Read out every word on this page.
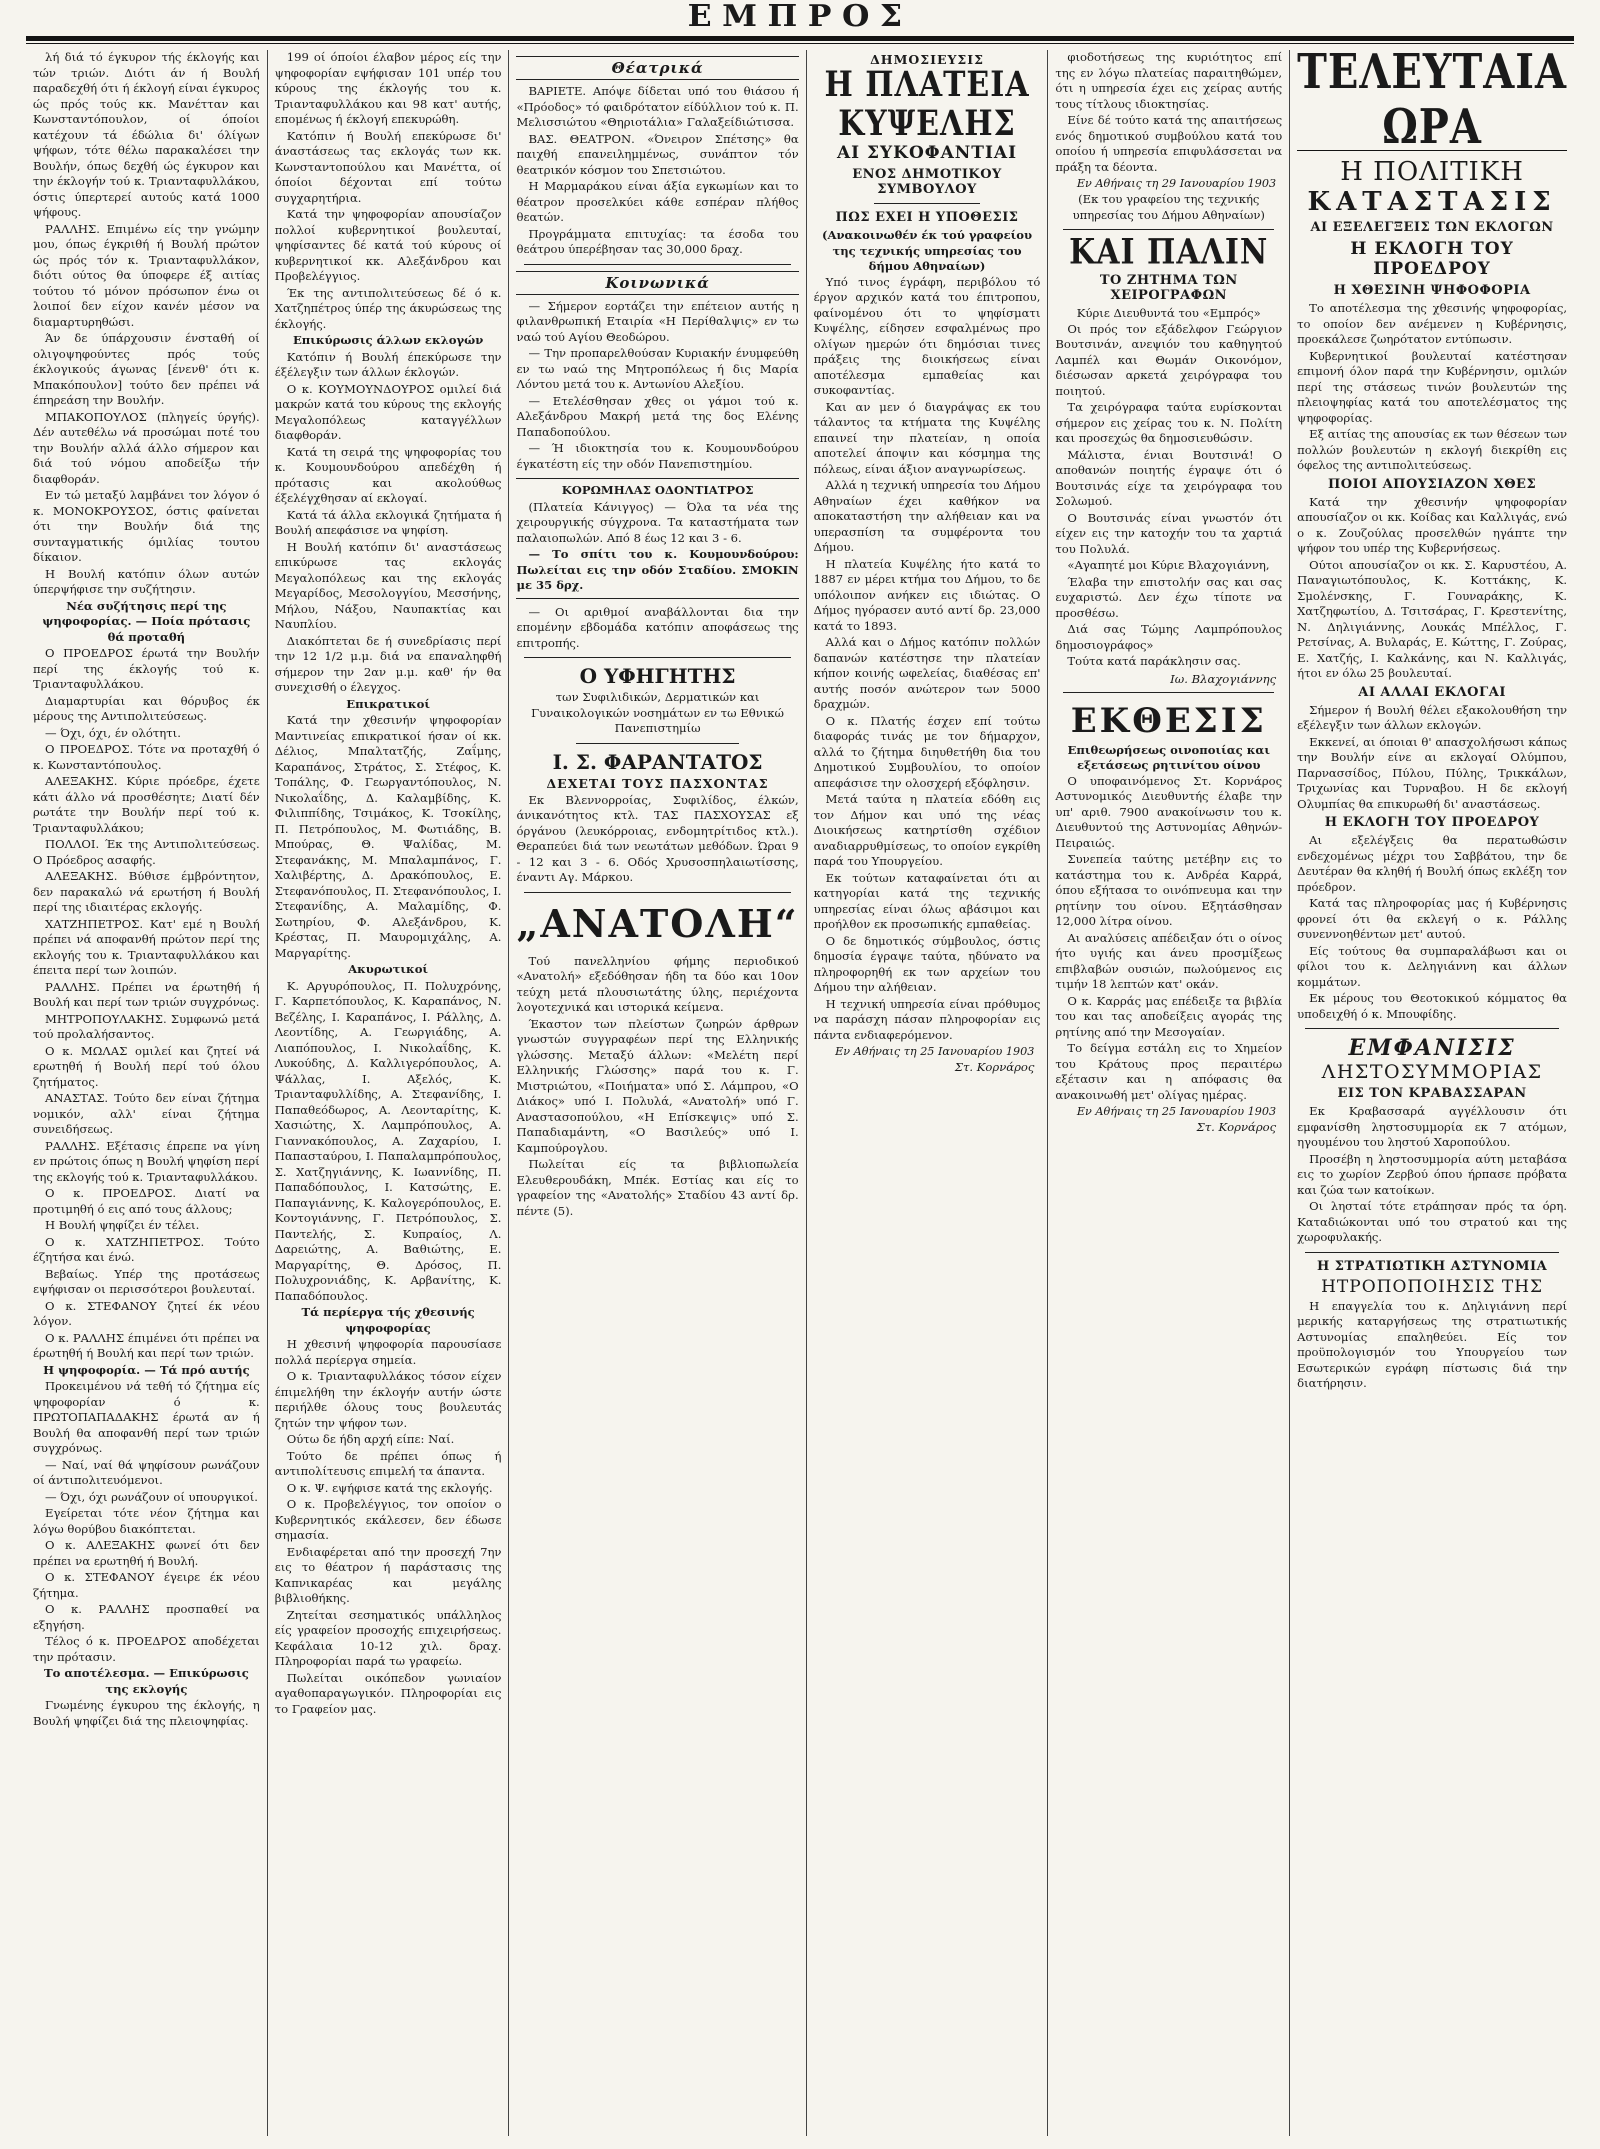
ΕΜΠΡΟΣ

λή διά τό έγκυρον τής έκλογής και τών τριών. Διότι άν ή Βουλή παραδεχθή ότι ή έκλογή είναι έγκυρος ώς πρός τούς κκ. Μανέτταν και Κωνσταντόπουλον, οί όποίοι κατέχουν τά έδώλια δι' όλίγων ψήφων, τότε θέλω παρακαλέσει την Βουλήν, όπως δεχθή ώς έγκυρον και την έκλογήν τού κ. Τριανταφυλλάκου, όστις ύπερτερεί αυτούς κατά 1000 ψήφους.

ΡΑΛΛΗΣ. Επιμένω είς την γνώμην μου, όπως έγκριθή ή Βουλή πρώτον ώς πρός τόν κ. Τριανταφυλλάκον, διότι ούτος θα ύποφερε έξ αιτίας τούτου τό μόνον πρόσωπον ένω οι λοιποί δεν είχον κανέν μέσον να διαμαρτυρηθώσι.

Άν δε ύπάρχουσιν ένσταθή οί ολιγοψηφούντες πρός τούς έκλογικούς άγωνας [ένενθ' ότι κ. Μπακόπουλον] τούτο δεν πρέπει νά έπηρεάση την Βουλήν.

ΜΠΑΚΟΠΟΥΛΟΣ (πληγείς ύργής). Δέν αυτεθέλω νά προσώμαι ποτέ του την Βουλήν αλλά άλλο σήμερον και διά τού νόμου αποδείξω τήν διαφθοράν.

Εν τώ μεταξύ λαμβάνει τον λόγον ό κ. ΜΟΝΟΚΡΟΥΣΟΣ, όστις φαίνεται ότι την Βουλήν διά της συνταγματικής όμιλίας τουτου δίκαιον.

Η Βουλή κατόπιν όλων αυτών ύπερψήφισε την συζήτησιν.

Νέα συζήτησις περί της ψηφοφορίας. — Ποία πρότασις θά προταθή

Ο ΠΡΟΕΔΡΟΣ έρωτά την Βουλήν περί της έκλογής τού κ. Τριανταφυλλάκου.

Διαμαρτυρίαι και θόρυβος έκ μέρους της Αντιπολιτεύσεως.

— Όχι, όχι, έν ολότητι.

Ο ΠΡΟΕΔΡΟΣ. Τότε να προταχθή ό κ. Κωνσταντόπουλος.

ΑΛΕΞΑΚΗΣ. Κύριε πρόεδρε, έχετε κάτι άλλο νά προσθέσητε; Διατί δέν ρωτάτε την Βουλήν περί τού κ. Τριανταφυλλάκου;

ΠΟΛΛΟΙ. Έκ της Αντιπολιτεύσεως. Ο Πρόεδρος ασαφής.

ΑΛΕΞΑΚΗΣ. Βύθισε έμβρόντητον, δεν παρακαλώ νά ερωτήση ή Βουλή περί της ιδιαιτέρας εκλογής.

ΧΑΤΖΗΠΕΤΡΟΣ. Κατ' εμέ η Βουλή πρέπει νά αποφανθή πρώτον περί της εκλογής του κ. Τριανταφυλλάκου και έπειτα περί των λοιπών.

ΡΑΛΛΗΣ. Πρέπει να έρωτηθή ή Βουλή και περί των τριών συγχρόνως.

ΜΗΤΡΟΠΟΥΛΑΚΗΣ. Συμφωνώ μετά τού προλαλήσαντος.

Ο κ. ΜΩΛΑΣ ομιλεί και ζητεί νά ερωτηθή ή Βουλή περί τού όλου ζητήματος.

ΑΝΑΣΤΑΣ. Τούτο δεν είναι ζήτημα νομικόν, αλλ' είναι ζήτημα συνειδήσεως.

ΡΑΛΛΗΣ. Εξέτασις έπρεπε να γίνη εν πρώτοις όπως η Βουλή ψηφίση περί της εκλογής τού κ. Τριανταφυλλάκου.

Ο κ. ΠΡΟΕΔΡΟΣ. Διατί να προτιμηθή ό εις από τους άλλους;

Η Βουλή ψηφίζει έν τέλει.

Ο κ. ΧΑΤΖΗΠΕΤΡΟΣ. Τούτο έζητήσα και ένώ.

Βεβαίως. Υπέρ της προτάσεως εψήφισαν οι περισσότεροι βουλευταί.

Ο κ. ΣΤΕΦΑΝΟΥ ζητεί έκ νέου λόγον.

Ο κ. ΡΑΛΛΗΣ έπιμένει ότι πρέπει να έρωτηθή ή Βουλή και περί των τριών.

Η ψηφοφορία. — Τά πρό αυτής

Προκειμένου νά τεθή τό ζήτημα είς ψηφοφορίαν ό κ. ΠΡΩΤΟΠΑΠΑΔΑΚΗΣ έρωτά αν ή Βουλή θα αποφανθή περί των τριών συγχρόνως.

— Ναί, ναί θά ψηφίσουν ρωνάζουν οί άντιπολιτευόμενοι.

— Όχι, όχι ρωνάζουν οί υπουργικοί.

Εγείρεται τότε νέον ζήτημα και λόγω θορύβου διακόπτεται.

Ο κ. ΑΛΕΞΑΚΗΣ φωνεί ότι δεν πρέπει να ερωτηθή ή Βουλή.

Ο κ. ΣΤΕΦΑΝΟΥ έγειρε έκ νέου ζήτημα.

Ο κ. ΡΑΛΛΗΣ προσπαθεί να εξηγήση.

Τέλος ό κ. ΠΡΟΕΔΡΟΣ αποδέχεται την πρότασιν.

Το αποτέλεσμα. — Επικύρωσις της εκλογής

Γνωμένης έγκυρου της έκλογής, η Βουλή ψηφίζει διά της πλειοψηφίας.

199 οί όποίοι έλαβον μέρος είς την ψηφοφορίαν εψήφισαν 101 υπέρ του κύρους της έκλογής του κ. Τριανταφυλλάκου και 98 κατ' αυτής, επομένως ή έκλογή επεκυρώθη.

Κατόπιν ή Βουλή επεκύρωσε δι' άναστάσεως τας εκλογάς των κκ. Κωνσταντοπούλου και Μανέττα, οί όποίοι δέχονται επί τούτω συγχαρητήρια.

Κατά την ψηφοφορίαν απουσίαζον πολλοί κυβερνητικοί βουλευταί, ψηφίσαντες δέ κατά τού κύρους οί κυβερνητικοί κκ. Αλεξάνδρου και Προβελέγγιος.

Έκ της αντιπολιτεύσεως δέ ό κ. Χατζηπέτρος ύπέρ της άκυρώσεως της έκλογής.

Επικύρωσις άλλων εκλογών

Κατόπιν ή Βουλή έπεκύρωσε την έξέλεγξιν των άλλων έκλογών.

Ο κ. ΚΟΥΜΟΥΝΔΟΥΡΟΣ ομιλεί διά μακρών κατά του κύρους της εκλογής Μεγαλοπόλεως καταγγέλλων διαφθοράν.

Κατά τη σειρά της ψηφοφορίας του κ. Κουμουνδούρου απεδέχθη ή πρότασις και ακολούθως έξελέγχθησαν αί εκλογαί.

Κατά τά άλλα εκλογικά ζητήματα ή Βουλή απεφάσισε να ψηφίση.

Η Βουλή κατόπιν δι' αναστάσεως επικύρωσε τας εκλογάς Μεγαλοπόλεως και της εκλογάς Μεγαρίδος, Μεσολογγίου, Μεσσήνης, Μήλου, Νάξου, Ναυπακτίας και Ναυπλίου.

Διακόπτεται δε ή συνεδρίασις περί την 12 1/2 μ.μ. διά να επαναληφθή σήμερον την 2αν μ.μ. καθ' ήν θα συνεχισθή ο έλεγχος.

Επικρατικοί

Κατά την χθεσινήν ψηφοφορίαν Μαντινείας επικρατικοί ήσαν οί κκ. Δέλιος, Μπαλτατζής, Ζαΐμης, Καραπάνος, Στράτος, Σ. Στέφος, Κ. Τοπάλης, Φ. Γεωργαντόπουλος, Ν. Νικολαΐδης, Δ. Καλαμβίδης, Κ. Φιλιππίδης, Τσιμάκος, Κ. Τσοκίλης, Π. Πετρόπουλος, Μ. Φωτιάδης, Β. Μπούρας, Θ. Ψαλίδας, Μ. Στεφανάκης, Μ. Μπαλαμπάνος, Γ. Χαλιβέρτης, Δ. Δρακόπουλος, Ε. Στεφανόπουλος, Π. Στεφανόπουλος, Ι. Στεφανίδης, Α. Μαλαμίδης, Φ. Σωτηρίου, Φ. Αλεξάνδρου, Κ. Κρέστας, Π. Μαυρομιχάλης, Α. Μαργαρίτης.

Ακυρωτικοί

Κ. Αργυρόπουλος, Π. Πολυχρόνης, Γ. Καρπετόπουλος, Κ. Καραπάνος, Ν. Βεζέλης, Ι. Καραπάνος, Ι. Ράλλης, Δ. Λεοντίδης, Α. Γεωργιάδης, Α. Λιαπόπουλος, Ι. Νικολαΐδης, Κ. Λυκούδης, Δ. Καλλιγερόπουλος, Α. Ψάλλας, Ι. Αξελός, Κ. Τριανταφυλλίδης, Α. Στεφανίδης, Ι. Παπαθεόδωρος, Α. Λεονταρίτης, Κ. Χασιώτης, Χ. Λαμπρόπουλος, Α. Γιαννακόπουλος, Α. Ζαχαρίου, Ι. Παπασταύρου, Ι. Παπαλαμπρόπουλος, Σ. Χατζηγιάννης, Κ. Ιωαννίδης, Π. Παπαδόπουλος, Ι. Κατσώτης, Ε. Παπαγιάννης, Κ. Καλογερόπουλος, Ε. Κοντογιάννης, Γ. Πετρόπουλος, Σ. Παντελής, Σ. Κυπραίος, Λ. Δαρειώτης, Α. Βαθιώτης, Ε. Μαργαρίτης, Θ. Δρόσος, Π. Πολυχρονιάδης, Κ. Αρβανίτης, Κ. Παπαδόπουλος.

Τά περίεργα τής χθεσινής ψηφοφορίας

Η χθεσινή ψηφοφορία παρουσίασε πολλά περίεργα σημεία.

Ο κ. Τριανταφυλλάκος τόσον είχεν έπιμελήθη την έκλογήν αυτήν ώστε περιήλθε όλους τους βουλευτάς ζητών την ψήφον των.

Ούτω δε ήδη αρχή είπε: Ναί.

Τούτο δε πρέπει όπως ή αντιπολίτευσις επιμελή τα άπαντα.

Ο κ. Ψ. εψήφισε κατά της εκλογής.

Ο κ. Προβελέγγιος, τον οποίον ο Κυβερνητικός εκάλεσεν, δεν έδωσε σημασία.

Ενδιαφέρεται από την προσεχή 7ην εις το θέατρον ή παράστασις της Καπνικαρέας και μεγάλης βιβλιοθήκης.

Ζητείται σεσηματικός υπάλληλος είς γραφείον προσοχής επιχειρήσεως. Κεφάλαια 10-12 χιλ. δραχ. Πληροφορίαι παρά τω γραφείω.

Πωλείται οικόπεδον γωνιαίον αγαθοπαραγωγικόν. Πληροφορίαι εις το Γραφείον μας.

Θέατρικά

ΒΑΡΙΕΤΕ. Απόψε δίδεται υπό του θιάσου ή «Πρόοδος» τό φαιδρότατον είδύλλιον τού κ. Π. Μελισσιώτου «Θηριοτάλια» Γαλαξείδιώτισσα.

ΒΑΣ. ΘΕΑΤΡΟΝ. «Όνειρον Σπέτσης» θα παιχθή επανειλημμένως, συνάπτον τόν θεατρικόν κόσμον του Σπετσιώτου.

Η Μαρμαράκου είναι άξία εγκωμίων και το θέατρον προσελκύει κάθε εσπέραν πλήθος θεατών.

Προγράμματα επιτυχίας: τα έσοδα του θεάτρου ύπερέβησαν τας 30,000 δραχ.

Κοινωνικά

— Σήμερον εορτάζει την επέτειον αυτής η φιλανθρωπική Εταιρία «Η Περίθαλψις» εν τω ναώ τού Αγίου Θεοδώρου.

— Την προπαρελθούσαν Κυριακήν ένυμφεύθη εν τω ναώ της Μητροπόλεως ή δις Μαρία Λόντου μετά του κ. Αντωνίου Αλεξίου.

— Ετελέσθησαν χθες οι γάμοι τού κ. Αλεξάνδρου Μακρή μετά της δος Ελένης Παπαδοπούλου.

— Ή ιδιοκτησία του κ. Κουμουνδούρου έγκατέστη είς την οδόν Πανεπιστημίου.

ΚΟΡΩΜΗΛΑΣ ΟΔΟΝΤΙΑΤΡΟΣ

(Πλατεία Κάνιγγος) — Όλα τα νέα της χειρουργικής σύγχρονα. Τα καταστήματα των παλαιοπωλών. Από 8 έως 12 και 3 - 6.

— Το σπίτι του κ. Κουμουνδούρου: Πωλείται εις την οδόν Σταδίου. ΣΜΟΚΙΝ με 35 δρχ.

— Οι αριθμοί αναβάλλονται δια την επομένην εβδομάδα κατόπιν αποφάσεως της επιτροπής.

Ο ΥΦΗΓΗΤΗΣ

των Συφιλιδικών, Δερματικών και Γυναικολογικών νοσημάτων εν τω Εθνικώ Πανεπιστημίω

Ι. Σ. ΦΑΡΑΝΤΑΤΟΣ
ΔΕΧΕΤΑΙ ΤΟΥΣ ΠΑΣΧΟΝΤΑΣ

Εκ Βλεννορροίας, Συφιλίδος, έλκών, άνικανότητος κτλ. ΤΑΣ ΠΑΣΧΟΥΣΑΣ εξ όργάνου (λευκόρροιας, ενδομητρίτιδος κτλ.). Θεραπεύει διά των νεωτάτων μεθόδων. Ώραι 9 - 12 και 3 - 6. Οδός Χρυσοσπηλαιωτίσσης, έναντι Αγ. Μάρκου.

„ΑΝΑΤΟΛΗ“

Τού πανελληνίου φήμης περιοδικού «Ανατολή» εξεδόθησαν ήδη τα δύο και 10ον τεύχη μετά πλουσιωτάτης ύλης, περιέχοντα λογοτεχνικά και ιστορικά κείμενα.

Έκαστον των πλείστων ζωηρών άρθρων γνωστών συγγραφέων περί της Ελληνικής γλώσσης. Μεταξύ άλλων: «Μελέτη περί Ελληνικής Γλώσσης» παρά του κ. Γ. Μιστριώτου, «Ποιήματα» υπό Σ. Λάμπρου, «Ο Διάκος» υπό Ι. Πολυλά, «Ανατολή» υπό Γ. Αναστασοπούλου, «Η Επίσκεψις» υπό Σ. Παπαδιαμάντη, «Ο Βασιλεύς» υπό Ι. Καμπούρογλου.

Πωλείται είς τα βιβλιοπωλεία Ελευθερουδάκη, Μπέκ. Εστίας και είς το γραφείον της «Ανατολής» Σταδίου 43 αντί δρ. πέντε (5).

ΔΗΜΟΣΙΕΥΣΙΣ
Η ΠΛΑΤΕΙΑ ΚΥΨΕΛΗΣ
ΑΙ ΣΥΚΟΦΑΝΤΙΑΙ
ΕΝΟΣ ΔΗΜΟΤΙΚΟΥ ΣΥΜΒΟΥΛΟΥ
ΠΩΣ ΕΧΕΙ Η ΥΠΟΘΕΣΙΣ

(Ανακοινωθέν έκ τού γραφείου της τεχνικής υπηρεσίας του δήμου Αθηναίων)

Υπό τινος έγράφη, περιβόλου τό έργον αρχικόν κατά του έπιτροπου, φαίνομένου ότι το ψηφίσματι Κυψέλης, είδησεν εσφαλμένως προ ολίγων ημερών ότι δημόσιαι τινες πράξεις της διοικήσεως είναι αποτέλεσμα εμπαθείας και συκοφαντίας.

Και αν μεν ό διαγράψας εκ του τάλαντος τα κτήματα της Κυψέλης επαινεί την πλατείαν, η οποία αποτελεί άποψιν και κόσμημα της πόλεως, είναι άξιον αναγνωρίσεως.

Αλλά η τεχνική υπηρεσία του Δήμου Αθηναίων έχει καθήκον να αποκαταστήση την αλήθειαν και να υπερασπίση τα συμφέροντα του Δήμου.

Η πλατεία Κυψέλης ήτο κατά το 1887 εν μέρει κτήμα του Δήμου, το δε υπόλοιπον ανήκεν εις ιδιώτας. Ο Δήμος ηγόρασεν αυτό αντί δρ. 23,000 κατά το 1893.

Αλλά και ο Δήμος κατόπιν πολλών δαπανών κατέστησε την πλατείαν κήπον κοινής ωφελείας, διαθέσας επ' αυτής ποσόν ανώτερον των 5000 δραχμών.

Ο κ. Πλατής έσχεν επί τούτω διαφοράς τινάς με τον δήμαρχον, αλλά το ζήτημα διηυθετήθη δια του Δημοτικού Συμβουλίου, το οποίον απεφάσισε την ολοσχερή εξόφλησιν.

Μετά ταύτα η πλατεία εδόθη εις τον Δήμον και υπό της νέας Διοικήσεως κατηρτίσθη σχέδιον αναδιαρρυθμίσεως, το οποίον εγκρίθη παρά του Υπουργείου.

Εκ τούτων καταφαίνεται ότι αι κατηγορίαι κατά της τεχνικής υπηρεσίας είναι όλως αβάσιμοι και προήλθον εκ προσωπικής εμπαθείας.

Ο δε δημοτικός σύμβουλος, όστις δημοσία έγραψε ταύτα, ηδύνατο να πληροφορηθή εκ των αρχείων του Δήμου την αλήθειαν.

Η τεχνική υπηρεσία είναι πρόθυμος να παράσχη πάσαν πληροφορίαν εις πάντα ενδιαφερόμενον.

Εν Αθήναις τη 25 Ιανουαρίου 1903
Στ. Κορνάρος

φιοδοτήσεως της κυριότητος επί της εν λόγω πλατείας παραιτηθώμεν, ότι η υπηρεσία έχει εις χείρας αυτής τους τίτλους ιδιοκτησίας.

Είνε δέ τούτο κατά της απαιτήσεως ενός δημοτικού συμβούλου κατά του οποίου ή υπηρεσία επιφυλάσσεται να πράξη τα δέοντα.

Εν Αθήναις τη 29 Ιανουαρίου 1903

(Εκ του γραφείου της τεχνικής υπηρεσίας του Δήμου Αθηναίων)

ΚΑΙ ΠΑΛΙΝ
ΤΟ ΖΗΤΗΜΑ ΤΩΝ ΧΕΙΡΟΓΡΑΦΩΝ

Κύριε Διευθυντά του «Εμπρός»

Οι πρός τον εξάδελφον Γεώργιον Βουτσινάν, ανεψιόν του καθηγητού Λαμπέλ και Θωμάν Οικονόμον, διέσωσαν αρκετά χειρόγραφα του ποιητού.

Τα χειρόγραφα ταύτα ευρίσκονται σήμερον εις χείρας του κ. Ν. Πολίτη και προσεχώς θα δημοσιευθώσιν.

Μάλιστα, ένιαι Βουτσινά! Ο αποθανών ποιητής έγραψε ότι ό Βουτσινάς είχε τα χειρόγραφα του Σολωμού.

Ο Βουτσινάς είναι γνωστόν ότι είχεν εις την κατοχήν του τα χαρτιά του Πολυλά.

«Αγαπητέ μοι Κύριε Βλαχογιάννη,

Έλαβα την επιστολήν σας και σας ευχαριστώ. Δεν έχω τίποτε να προσθέσω.

Διά σας Τώμης Λαμπρόπουλος δημοσιογράφος»

Τούτα κατά παράκλησιν σας.

Ιω. Βλαχογιάννης
ΕΚΘΕΣΙΣ

Επιθεωρήσεως οινοποιίας και εξετάσεως ρητινίτου οίνου

Ο υποφαινόμενος Στ. Κορνάρος Αστυνομικός Διευθυντής έλαβε την υπ' αριθ. 7900 ανακοίνωσιν του κ. Διευθυντού της Αστυνομίας Αθηνών-Πειραιώς.

Συνεπεία ταύτης μετέβην εις το κατάστημα του κ. Ανδρέα Καρρά, όπου εξήτασα το οινόπνευμα και την ρητίνην του οίνου. Εξητάσθησαν 12,000 λίτρα οίνου.

Αι αναλύσεις απέδειξαν ότι ο οίνος ήτο υγιής και άνευ προσμίξεως επιβλαβών ουσιών, πωλούμενος εις τιμήν 18 λεπτών κατ' οκάν.

Ο κ. Καρράς μας επέδειξε τα βιβλία του και τας αποδείξεις αγοράς της ρητίνης από την Μεσογαίαν.

Το δείγμα εστάλη εις το Χημείον του Κράτους προς περαιτέρω εξέτασιν και η απόφασις θα ανακοινωθή μετ' ολίγας ημέρας.

Εν Αθήναις τη 25 Ιανουαρίου 1903
Στ. Κορνάρος
ΤΕΛΕΥΤΑΙΑ ΩΡΑ
Η ΠΟΛΙΤΙΚΗ
ΚΑΤΑΣΤΑΣΙΣ
ΑΙ ΕΞΕΛΕΓΞΕΙΣ ΤΩΝ ΕΚΛΟΓΩΝ
Η ΕΚΛΟΓΗ ΤΟΥ ΠΡΟΕΔΡΟΥ
Η ΧΘΕΣΙΝΗ ΨΗΦΟΦΟΡΙΑ

Το αποτέλεσμα της χθεσινής ψηφοφορίας, το οποίον δεν ανέμενεν η Κυβέρνησις, προεκάλεσε ζωηρότατον εντύπωσιν.

Κυβερνητικοί βουλευταί κατέστησαν επιμονή όλον παρά την Κυβέρνησιν, ομιλών περί της στάσεως τινών βουλευτών της πλειοψηφίας κατά του αποτελέσματος της ψηφοφορίας.

Εξ αιτίας της απουσίας εκ των θέσεων των πολλών βουλευτών η εκλογή διεκρίθη εις όφελος της αντιπολιτεύσεως.

ΠΟΙΟΙ ΑΠΟΥΣΙΑΖΟΝ ΧΘΕΣ

Κατά την χθεσινήν ψηφοφορίαν απουσίαζον οι κκ. Κοίδας και Καλλιγάς, ενώ ο κ. Ζουζούλας προσελθών ηγάπτε την ψήφον του υπέρ της Κυβερνήσεως.

Ούτοι απουσίαζον οι κκ. Σ. Καρυστέου, Α. Παναγιωτόπουλος, Κ. Κοττάκης, Κ. Σμολένσκης, Γ. Γουναράκης, Κ. Χατζηφωτίου, Δ. Τσιτσάρας, Γ. Κρεστενίτης, Ν. Δηλιγιάννης, Λουκάς Μπέλλος, Γ. Ρετσίνας, Α. Βυλαράς, Ε. Κώττης, Γ. Ζούρας, Ε. Χατζής, Ι. Καλκάνης, και Ν. Καλλιγάς, ήτοι εν όλω 25 βουλευταί.

ΑΙ ΑΛΛΑΙ ΕΚΛΟΓΑΙ

Σήμερον ή Βουλή θέλει εξακολουθήση την εξέλεγξιν των άλλων εκλογών.

Εκκενεί, αι όποιαι θ' απασχολήσωσι κάπως την Βουλήν είνε αι εκλογαί Ολύμπου, Παρνασσίδος, Πύλου, Πύλης, Τρικκάλων, Τριχωνίας και Τυρναβου. Η δε εκλογή Ολυμπίας θα επικυρωθή δι' αναστάσεως.

Η ΕΚΛΟΓΗ ΤΟΥ ΠΡΟΕΔΡΟΥ

Αι εξελέγξεις θα περατωθώσιν ενδεχομένως μέχρι του Σαββάτου, την δε Δευτέραν θα κληθή ή Βουλή όπως εκλέξη τον πρόεδρον.

Κατά τας πληροφορίας μας ή Κυβέρνησις φρονεί ότι θα εκλεγή ο κ. Ράλλης συνεννοηθέντων μετ' αυτού.

Είς τούτους θα συμπαραλάβωσι και οι φίλοι του κ. Δεληγιάννη και άλλων κομμάτων.

Εκ μέρους του Θεοτοκικού κόμματος θα υποδειχθή ό κ. Μπουφίδης.

ΕΜΦΑΝΙΣΙΣ
ΛΗΣΤΟΣΥΜΜΟΡΙΑΣ
ΕΙΣ ΤΟΝ ΚΡΑΒΑΣΣΑΡΑΝ

Εκ Κραβασσαρά αγγέλλουσιν ότι εμφανίσθη ληστοσυμμορία εκ 7 ατόμων, ηγουμένου του ληστού Χαροπούλου.

Προσέβη η ληστοσυμμορία αύτη μεταβάσα εις το χωρίον Ζερβού όπου ήρπασε πρόβατα και ζώα των κατοίκων.

Οι λησταί τότε ετράπησαν πρός τα όρη. Καταδιώκονται υπό του στρατού και της χωροφυλακής.

Η ΣΤΡΑΤΙΩΤΙΚΗ ΑΣΤΥΝΟΜΙΑ
ΗΤΡΟΠΟΠΟΙΗΣΙΣ ΤΗΣ

Η επαγγελία του κ. Δηλιγιάννη περί μερικής καταργήσεως της στρατιωτικής Αστυνομίας επαληθεύει. Είς τον προϋπολογισμόν του Υπουργείου των Εσωτερικών εγράφη πίστωσις διά την διατήρησιν.
